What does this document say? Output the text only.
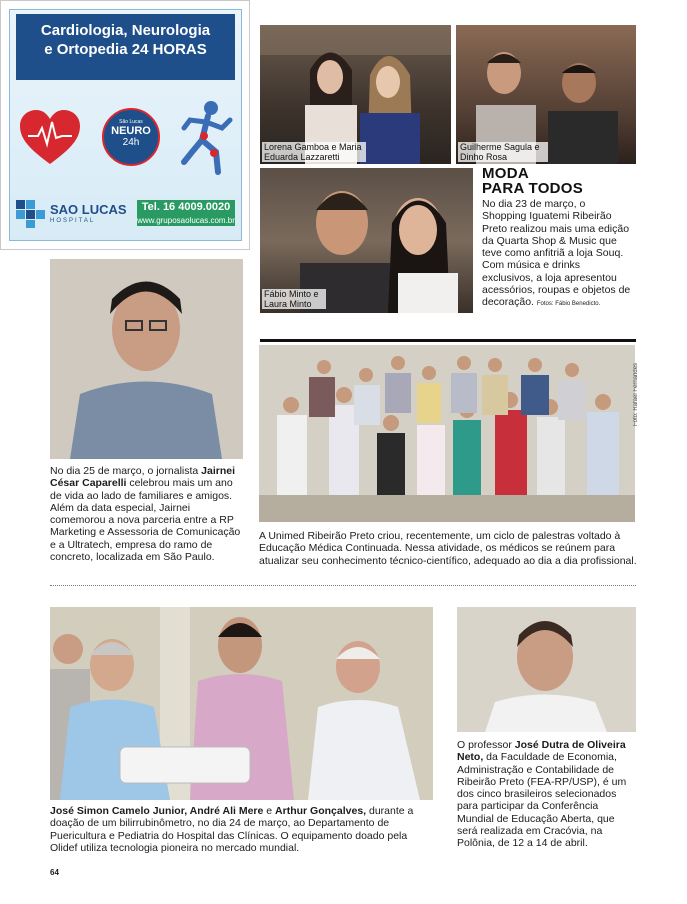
Cardiologia, Neurologia
e Ortopedia 24 HORAS
São Lucas
NEURO
24h
SAO LUCAS
HOSPITAL
Tel. 16 4009.0020
www.gruposaolucas.com.br
Lorena Gamboa e Maria Eduarda Lazzaretti
Guilherme Sagula e Dinho Rosa
Fábio Minto e Laura Minto
MODA
PARA TODOS
No dia 23 de março, o Shopping Iguatemi Ribeirão Preto realizou mais uma edição da Quarta Shop & Music que teve como anfitriã a loja Souq. Com música e drinks exclusivos, a loja apresentou acessórios, roupas e objetos de decoração. Fotos: Fábio Benedicto.
No dia 25 de março, o jornalista Jairnei César Caparelli celebrou mais um ano de vida ao lado de familiares e amigos. Além da data especial, Jairnei comemorou a nova parceria entre a RP Marketing e Assessoria de Comunicação e a Ultratech, empresa do ramo de concreto, localizada em São Paulo.
Foto: Rafael Fernandes
A Unimed Ribeirão Preto criou, recentemente, um ciclo de palestras voltado à Educação Médica Continuada. Nessa atividade, os médicos se reúnem para atualizar seu conhecimento técnico-científico, adequado ao dia a dia profissional.
José Simon Camelo Junior, André Ali Mere e Arthur Gonçalves, durante a doação de um bilirrubinômetro, no dia 24 de março, ao Departamento de Puericultura e Pediatria do Hospital das Clínicas. O equipamento doado pela Olidef utiliza tecnologia pioneira no mercado mundial.
O professor José Dutra de Oliveira Neto, da Faculdade de Economia, Administração e Contabilidade de Ribeirão Preto (FEA-RP/USP), é um dos cinco brasileiros selecionados para participar da Conferência Mundial de Educação Aberta, que será realizada em Cracóvia, na Polônia, de 12 a 14 de abril.
64
